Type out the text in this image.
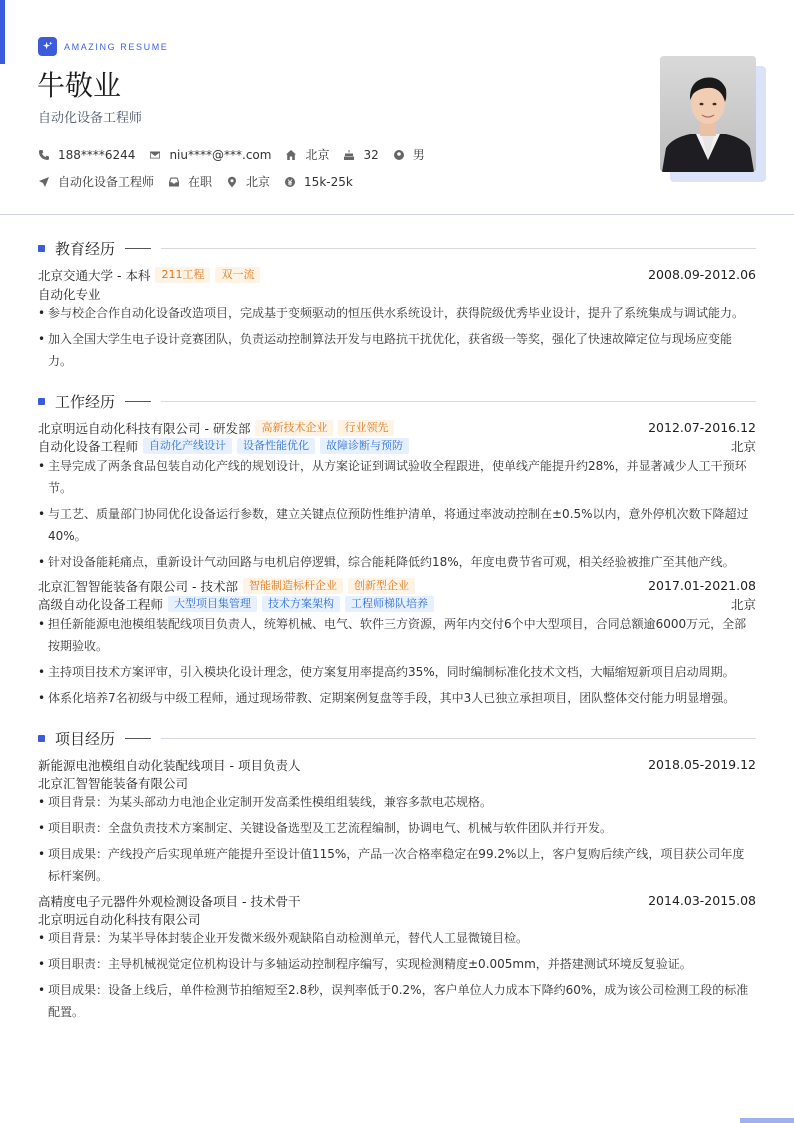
AMAZING RESUME
牛敬业
自动化设备工程师
188****6244	niu****@***.com	北京	32	男
自动化设备工程师	在职	北京	15k-25k
教育经历
北京交通大学 - 本科	211工程	双一流	2008.09-2012.06
自动化专业
• 参与校企合作自动化设备改造项目，完成基于变频驱动的恒压供水系统设计，获得院级优秀毕业设计，提升了系统集成与调试能力。
• 加入全国大学生电子设计竞赛团队，负责运动控制算法开发与电路抗干扰优化，获省级一等奖，强化了快速故障定位与现场应变能力。
工作经历
北京明远自动化科技有限公司 - 研发部	高新技术企业	行业领先	2012.07-2016.12
自动化设备工程师	自动化产线设计	设备性能优化	故障诊断与预防	北京
• 主导完成了两条食品包装自动化产线的规划设计，从方案论证到调试验收全程跟进，使单线产能提升约28%，并显著减少人工干预环节。
• 与工艺、质量部门协同优化设备运行参数，建立关键点位预防性维护清单，将通过率波动控制在±0.5%以内，意外停机次数下降超过40%。
• 针对设备能耗痛点，重新设计气动回路与电机启停逻辑，综合能耗降低约18%，年度电费节省可观，相关经验被推广至其他产线。
北京汇智智能装备有限公司 - 技术部	智能制造标杆企业	创新型企业	2017.01-2021.08
高级自动化设备工程师	大型项目集管理	技术方案架构	工程师梯队培养	北京
• 担任新能源电池模组装配线项目负责人，统筹机械、电气、软件三方资源，两年内交付6个中大型项目，合同总额逾6000万元，全部按期验收。
• 主持项目技术方案评审，引入模块化设计理念，使方案复用率提高约35%，同时编制标准化技术文档，大幅缩短新项目启动周期。
• 体系化培养7名初级与中级工程师，通过现场带教、定期案例复盘等手段，其中3人已独立承担项目，团队整体交付能力明显增强。
项目经历
新能源电池模组自动化装配线项目 - 项目负责人	2018.05-2019.12
北京汇智智能装备有限公司
• 项目背景：为某头部动力电池企业定制开发高柔性模组组装线，兼容多款电芯规格。
• 项目职责：全盘负责技术方案制定、关键设备选型及工艺流程编制，协调电气、机械与软件团队并行开发。
• 项目成果：产线投产后实现单班产能提升至设计值115%，产品一次合格率稳定在99.2%以上，客户复购后续产线，项目获公司年度标杆案例。
高精度电子元器件外观检测设备项目 - 技术骨干	2014.03-2015.08
北京明远自动化科技有限公司
• 项目背景：为某半导体封装企业开发微米级外观缺陷自动检测单元，替代人工显微镜目检。
• 项目职责：主导机械视觉定位机构设计与多轴运动控制程序编写，实现检测精度±0.005mm，并搭建测试环境反复验证。
• 项目成果：设备上线后，单件检测节拍缩短至2.8秒，误判率低于0.2%，客户单位人力成本下降约60%，成为该公司检测工段的标准配置。
